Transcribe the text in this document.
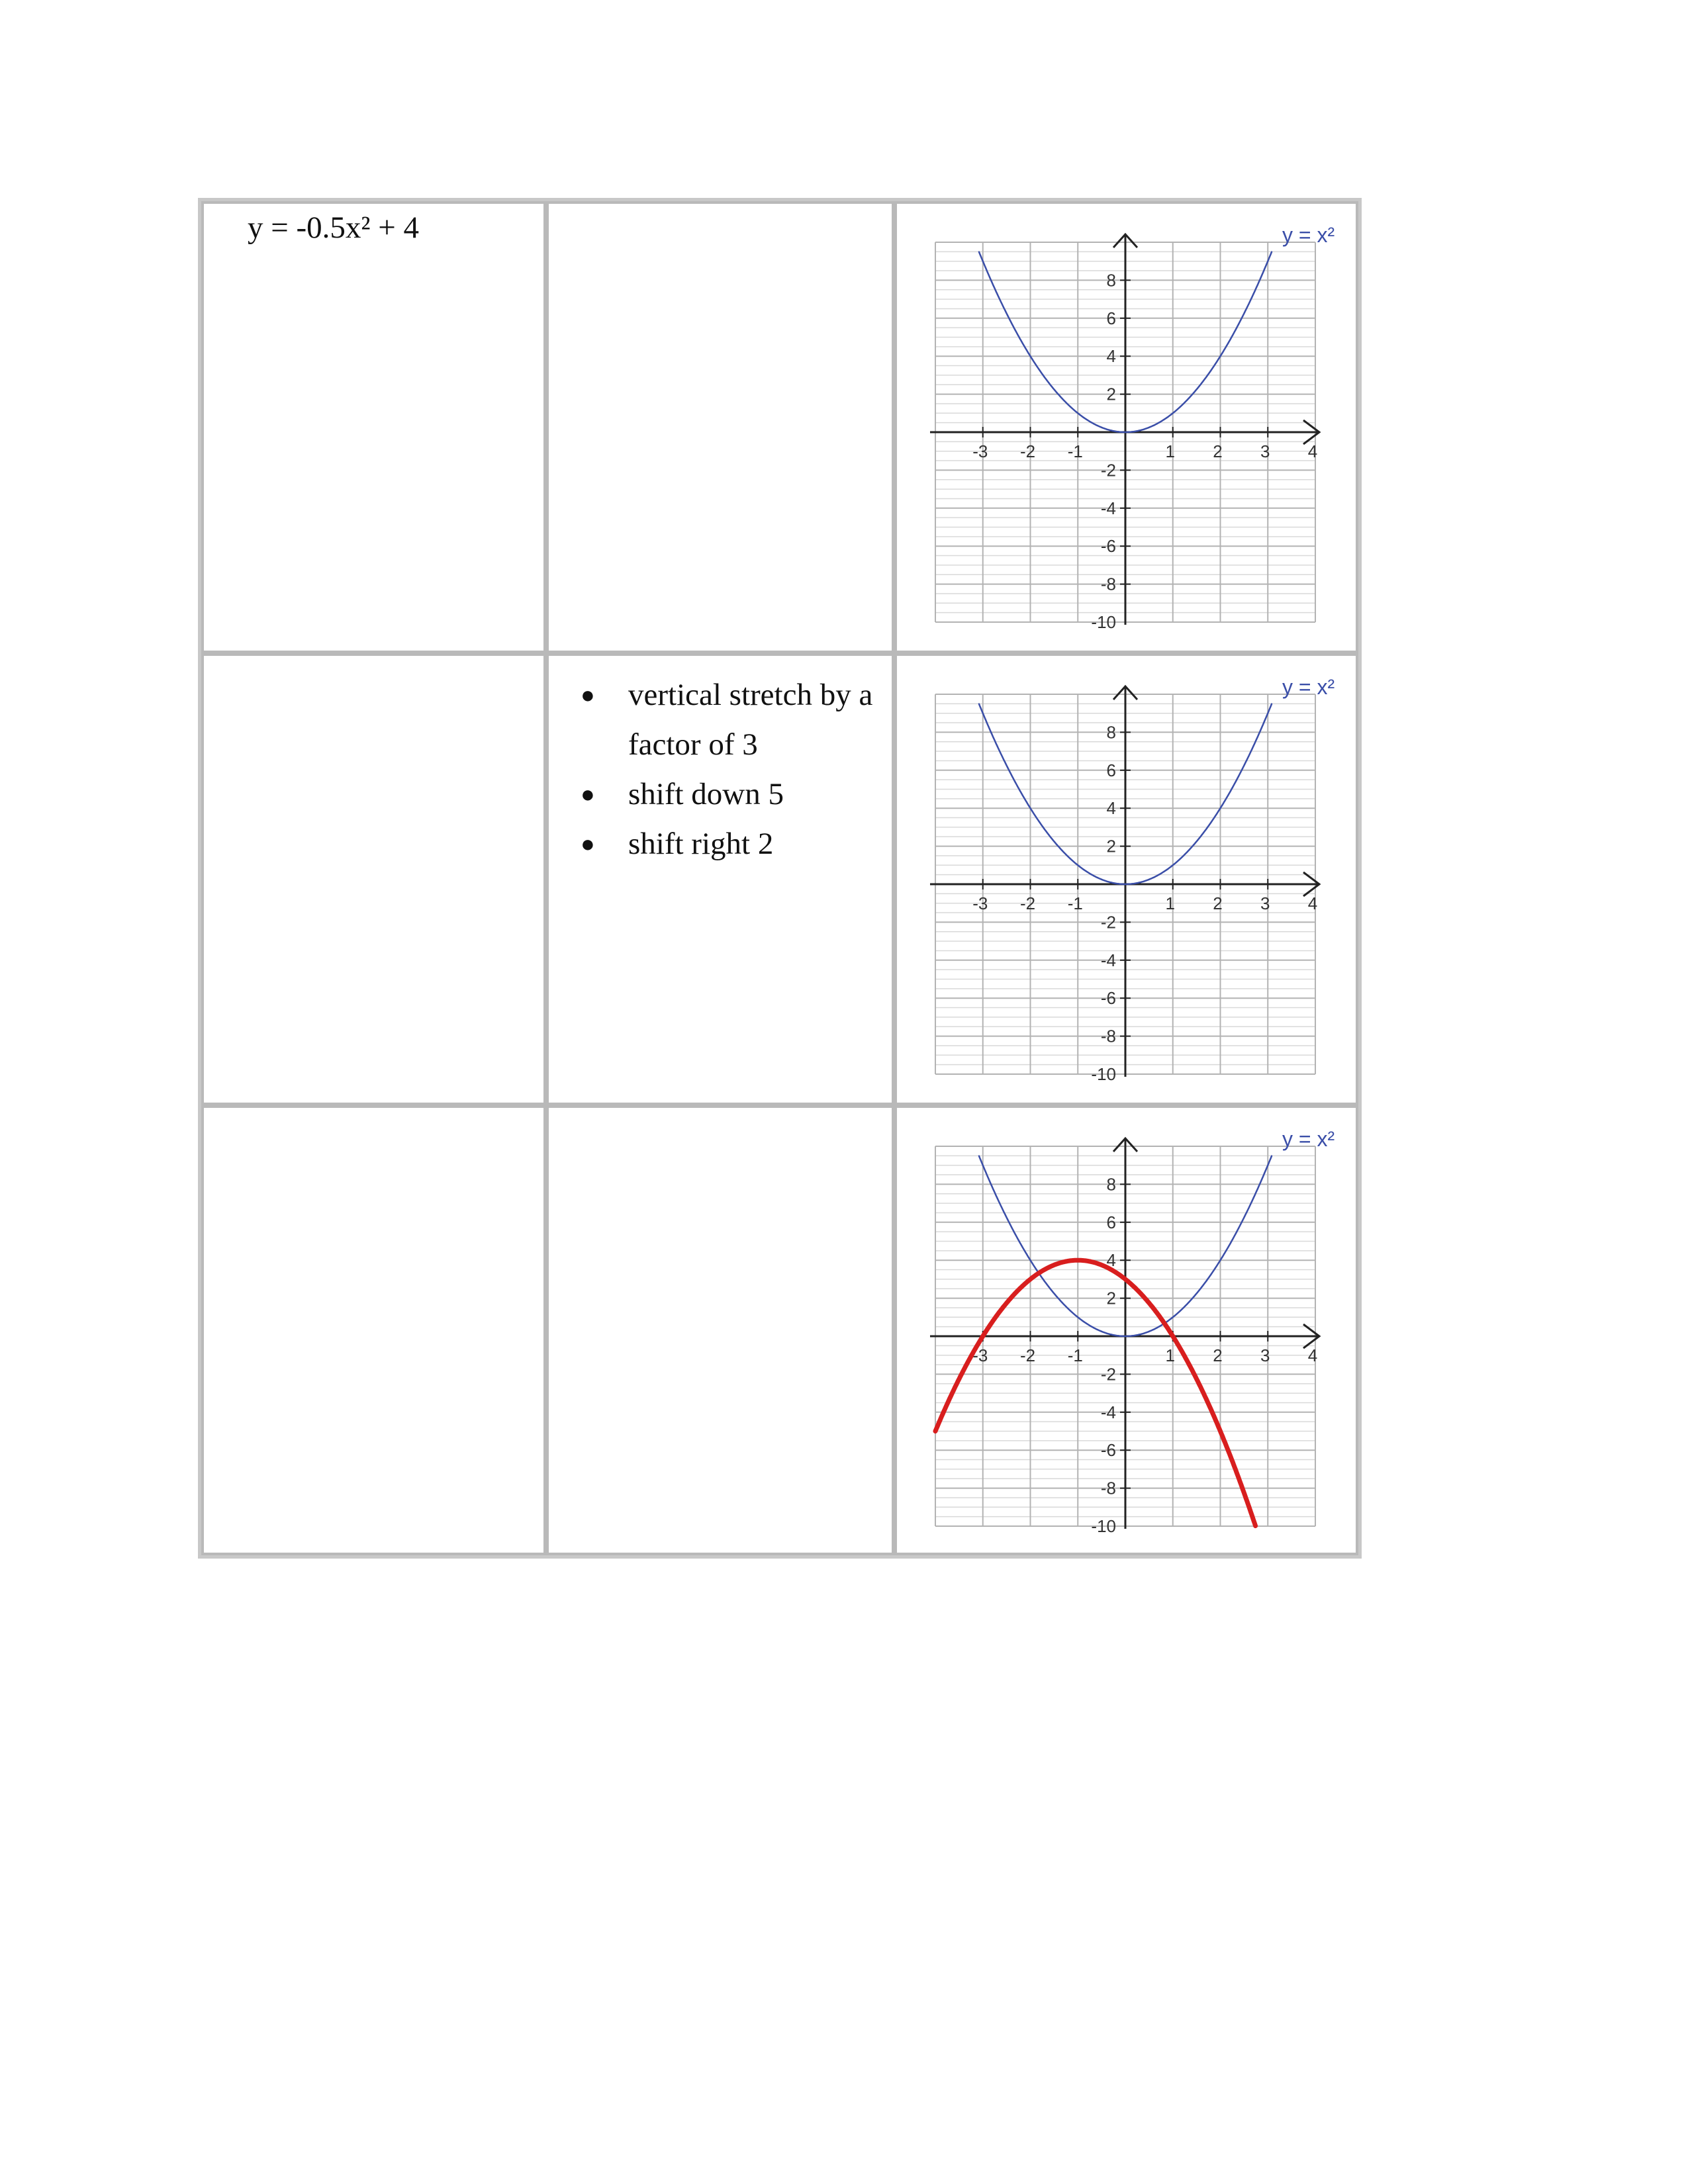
y = -0.5x² + 4
-3 -2 -1	1 2 3 4
8
6
4
2
-2
-4
-6
-8
-10
y = x²
● vertical stretch by a factor of 3
● shift down 5
● shift right 2
-3 -2 -1	1 2 3 4
8
6
4
2
-2
-4
-6
-8
-10
y = x²
-3 -2 -1	1 2 3 4
8
6
4
2
-2
-4
-6
-8
-10
y = x²
